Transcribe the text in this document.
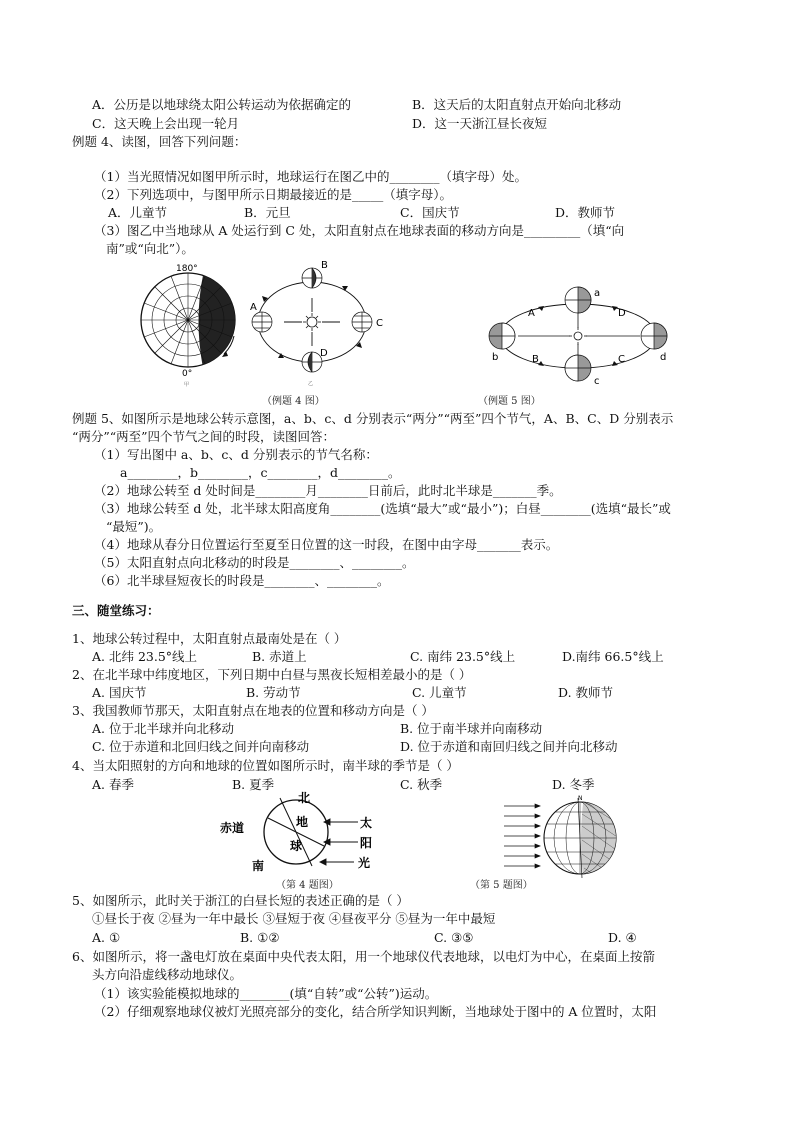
A．公历是以地球绕太阳公转运动为依据确定的	B．这天后的太阳直射点开始向北移动
C．这天晚上会出现一轮月	D．这一天浙江昼长夜短
例题 4、读图，回答下列问题：
（1）当光照情况如图甲所示时，地球运行在图乙中的________（填字母）处。
（2）下列选项中，与图甲所示日期最接近的是_____（填字母）。
A．儿童节	B．元旦	C．国庆节	D．教师节
（3）图乙中当地球从 A 处运行到 C 处，太阳直射点在地球表面的移动方向是_________（填“向
南”或“向北”）。
180°
0°
甲
B
A
C
D
乙
（例题 4 图）
a
b
c
d
A
B	C
D
（例题 5 图）
例题 5、如图所示是地球公转示意图，a、b、c、d 分别表示“两分”“两至”四个节气，A、B、C、D 分别表示
“两分”“两至”四个节气之间的时段，读图回答：
（1）写出图中 a、b、c、d 分别表示的节气名称：
a________，b________，c________，d________。
（2）地球公转至 d 处时间是________月________日前后，此时北半球是_______季。
（3）地球公转至 d 处，北半球太阳高度角________(选填“最大”或“最小”)；白昼________(选填“最长”或
“最短”)。
（4）地球从春分日位置运行至夏至日位置的这一时段，在图中由字母_______表示。
（5）太阳直射点向北移动的时段是________、________。
（6）北半球昼短夜长的时段是________、________。
三、随堂练习：
1、地球公转过程中，太阳直射点最南处是在（ ）
A. 北纬 23.5°线上	B. 赤道上	C. 南纬 23.5°线上	D.南纬 66.5°线上
2、在北半球中纬度地区，下列日期中白昼与黑夜长短相差最小的是（ ）
A. 国庆节	B. 劳动节	C. 儿童节	D. 教师节
3、我国教师节那天，太阳直射点在地表的位置和移动方向是（ ）
A. 位于北半球并向北移动	B. 位于南半球并向南移动
C. 位于赤道和北回归线之间并向南移动	D. 位于赤道和南回归线之间并向北移动
4、当太阳照射的方向和地球的位置如图所示时，南半球的季节是（ ）
A. 春季	B. 夏季	C. 秋季	D. 冬季
赤道
北
南
地
球
太
阳
光
（第 4 题图）
N
（第 5 题图）
5、如图所示，此时关于浙江的白昼长短的表述正确的是（ ）
①昼长于夜 ②昼为一年中最长 ③昼短于夜 ④昼夜平分 ⑤昼为一年中最短
A. ①	B. ①②	C. ③⑤	D. ④
6、如图所示，将一盏电灯放在桌面中央代表太阳，用一个地球仪代表地球，以电灯为中心，在桌面上按箭
头方向沿虚线移动地球仪。
（1）该实验能模拟地球的________(填“自转”或“公转”)运动。
（2）仔细观察地球仪被灯光照亮部分的变化，结合所学知识判断，当地球处于图中的 A 位置时，太阳
